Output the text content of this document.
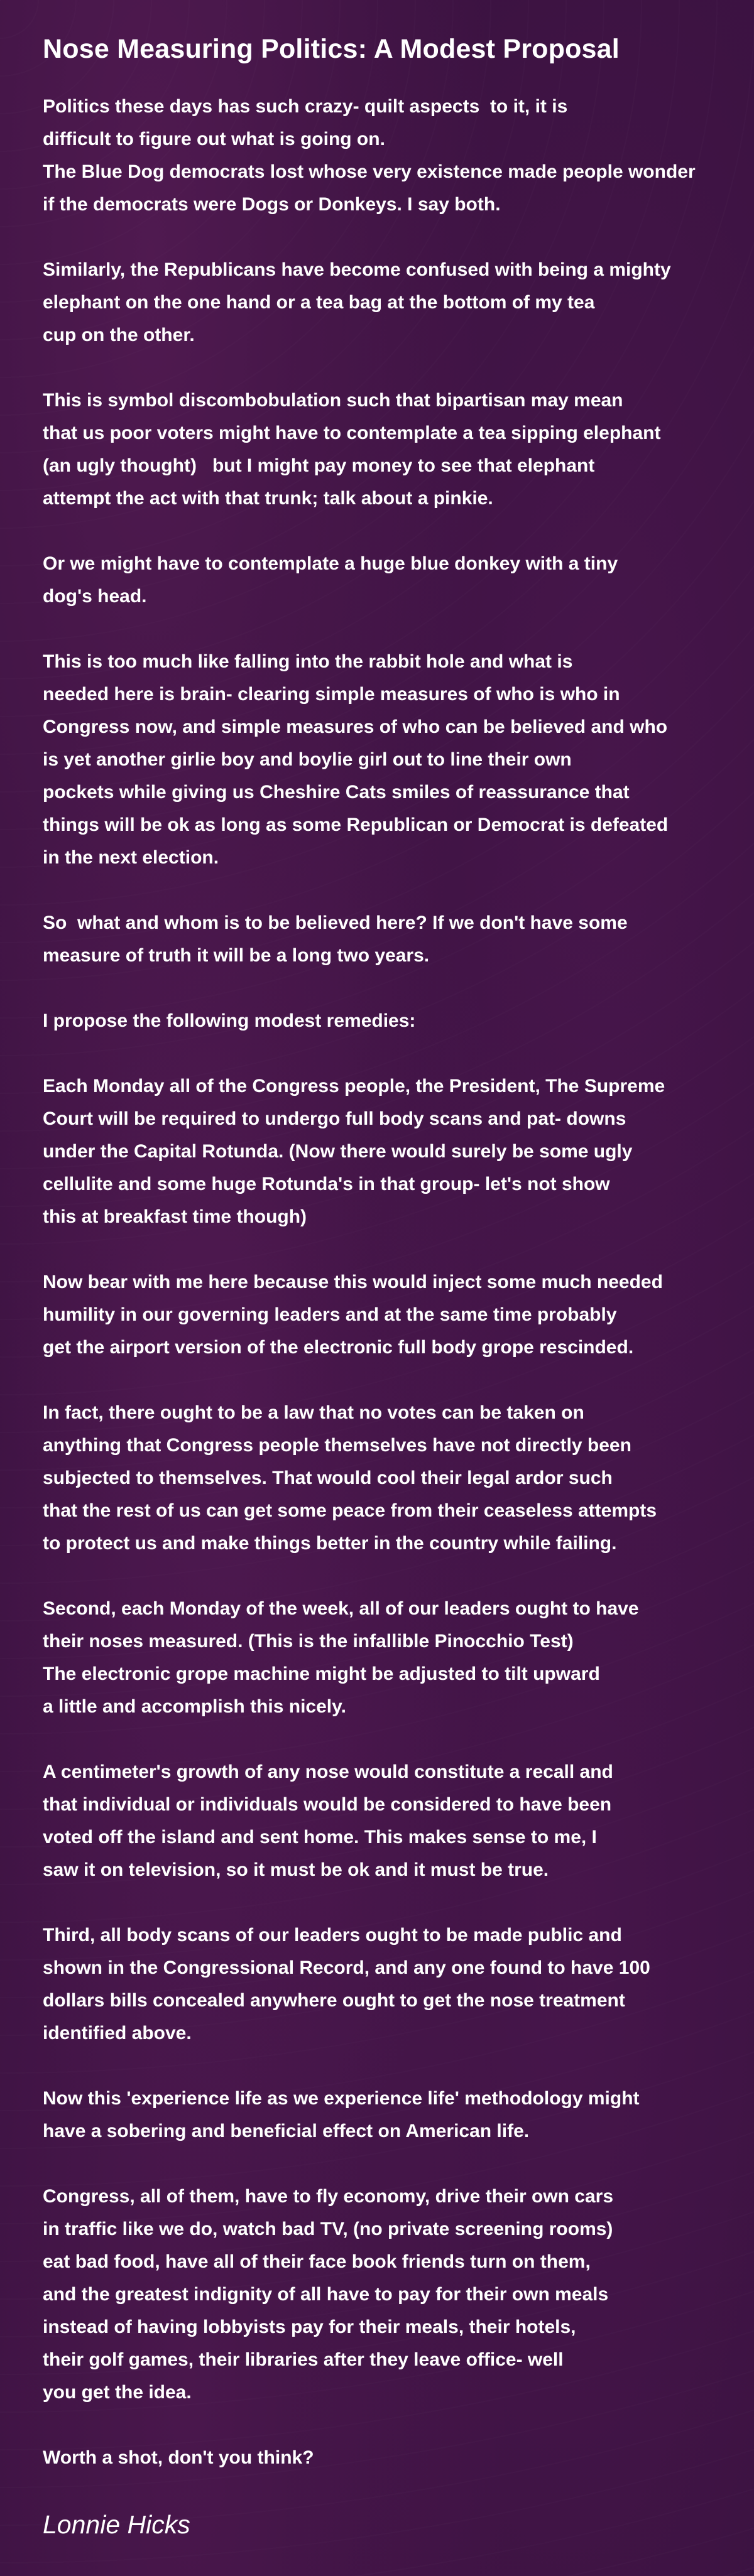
Nose Measuring Politics: A Modest Proposal
Politics these days has such crazy- quilt aspects  to it, it is
difficult to figure out what is going on.
The Blue Dog democrats lost whose very existence made people wonder
if the democrats were Dogs or Donkeys. I say both.
Similarly, the Republicans have become confused with being a mighty
elephant on the one hand or a tea bag at the bottom of my tea
cup on the other.
This is symbol discombobulation such that bipartisan may mean
that us poor voters might have to contemplate a tea sipping elephant
(an ugly thought)   but I might pay money to see that elephant
attempt the act with that trunk; talk about a pinkie.
Or we might have to contemplate a huge blue donkey with a tiny
dog's head.
This is too much like falling into the rabbit hole and what is
needed here is brain- clearing simple measures of who is who in
Congress now, and simple measures of who can be believed and who
is yet another girlie boy and boylie girl out to line their own
pockets while giving us Cheshire Cats smiles of reassurance that
things will be ok as long as some Republican or Democrat is defeated
in the next election.
So  what and whom is to be believed here? If we don't have some
measure of truth it will be a long two years.
I propose the following modest remedies:
Each Monday all of the Congress people, the President, The Supreme
Court will be required to undergo full body scans and pat- downs
under the Capital Rotunda. (Now there would surely be some ugly
cellulite and some huge Rotunda's in that group- let's not show
this at breakfast time though)
Now bear with me here because this would inject some much needed
humility in our governing leaders and at the same time probably
get the airport version of the electronic full body grope rescinded.
In fact, there ought to be a law that no votes can be taken on
anything that Congress people themselves have not directly been
subjected to themselves. That would cool their legal ardor such
that the rest of us can get some peace from their ceaseless attempts
to protect us and make things better in the country while failing.
Second, each Monday of the week, all of our leaders ought to have
their noses measured. (This is the infallible Pinocchio Test)
The electronic grope machine might be adjusted to tilt upward
a little and accomplish this nicely.
A centimeter's growth of any nose would constitute a recall and
that individual or individuals would be considered to have been
voted off the island and sent home. This makes sense to me, I
saw it on television, so it must be ok and it must be true.
Third, all body scans of our leaders ought to be made public and
shown in the Congressional Record, and any one found to have 100
dollars bills concealed anywhere ought to get the nose treatment
identified above.
Now this 'experience life as we experience life' methodology might
have a sobering and beneficial effect on American life.
Congress, all of them, have to fly economy, drive their own cars
in traffic like we do, watch bad TV, (no private screening rooms)
eat bad food, have all of their face book friends turn on them,
and the greatest indignity of all have to pay for their own meals
instead of having lobbyists pay for their meals, their hotels,
their golf games, their libraries after they leave office- well
you get the idea.
Worth a shot, don't you think?
Lonnie Hicks
